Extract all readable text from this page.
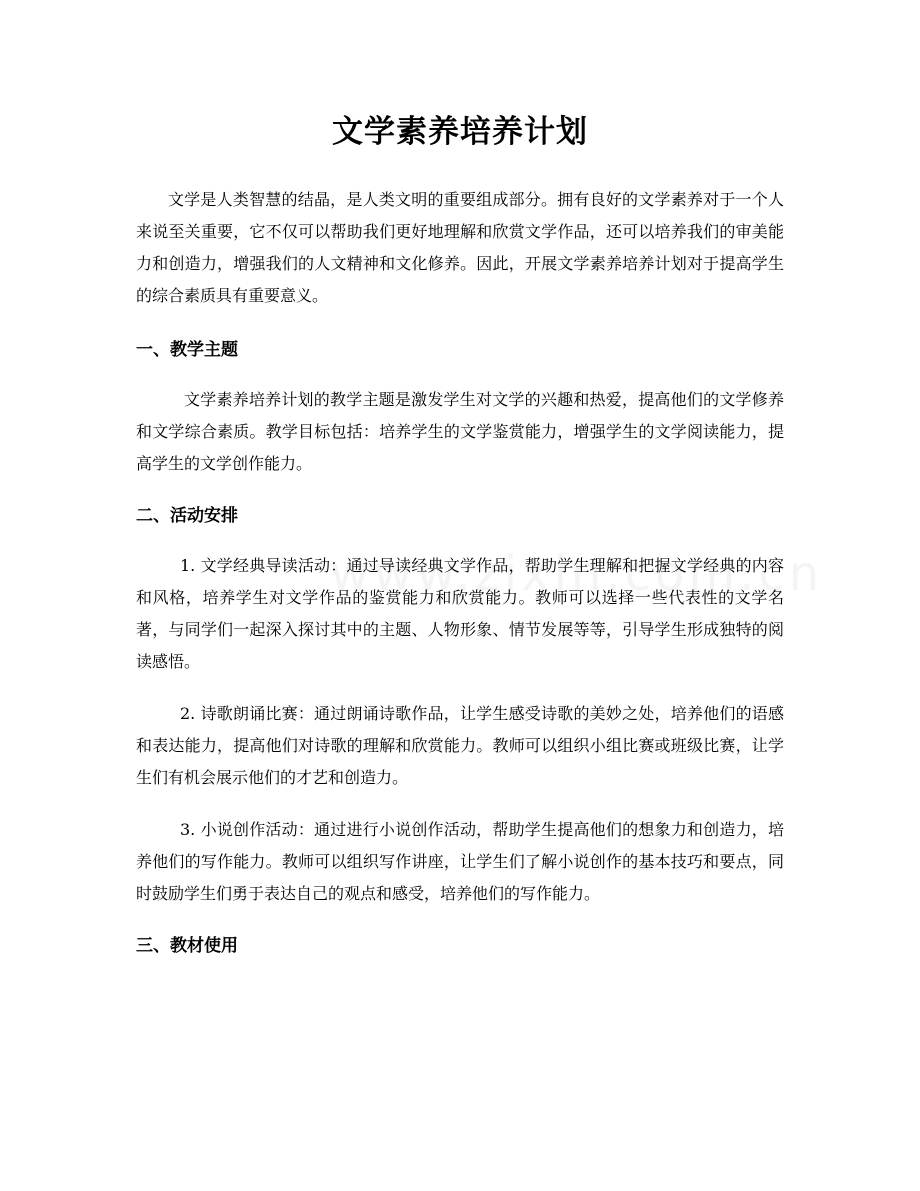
文学素养培养计划

文学是人类智慧的结晶，是人类文明的重要组成部分。拥有良好的文学素养对于一个人来说至关重要，它不仅可以帮助我们更好地理解和欣赏文学作品，还可以培养我们的审美能力和创造力，增强我们的人文精神和文化修养。因此，开展文学素养培养计划对于提高学生的综合素质具有重要意义。

一、教学主题

文学素养培养计划的教学主题是激发学生对文学的兴趣和热爱，提高他们的文学修养和文学综合素质。教学目标包括：培养学生的文学鉴赏能力，增强学生的文学阅读能力，提高学生的文学创作能力。

二、活动安排

1. 文学经典导读活动：通过导读经典文学作品，帮助学生理解和把握文学经典的内容和风格，培养学生对文学作品的鉴赏能力和欣赏能力。教师可以选择一些代表性的文学名著，与同学们一起深入探讨其中的主题、人物形象、情节发展等等，引导学生形成独特的阅读感悟。

2. 诗歌朗诵比赛：通过朗诵诗歌作品，让学生感受诗歌的美妙之处，培养他们的语感和表达能力，提高他们对诗歌的理解和欣赏能力。教师可以组织小组比赛或班级比赛，让学生们有机会展示他们的才艺和创造力。

3. 小说创作活动：通过进行小说创作活动，帮助学生提高他们的想象力和创造力，培养他们的写作能力。教师可以组织写作讲座，让学生们了解小说创作的基本技巧和要点，同时鼓励学生们勇于表达自己的观点和感受，培养他们的写作能力。

三、教材使用
